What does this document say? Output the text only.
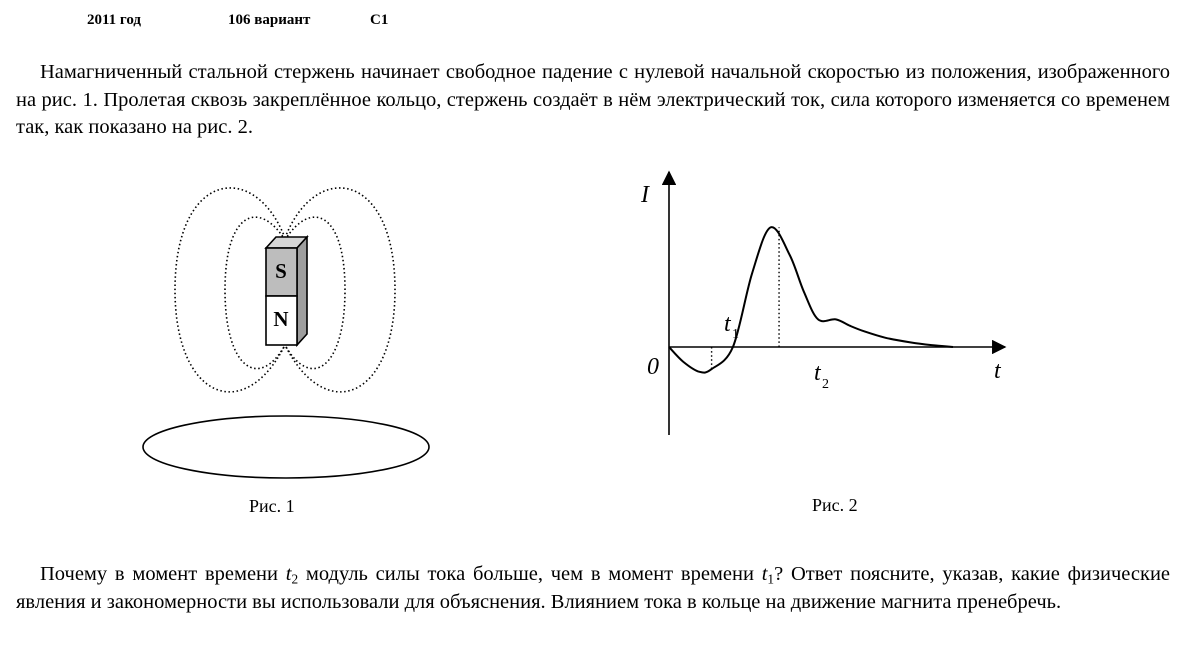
2011 год	106 вариант	C1

Намагниченный стальной стержень начинает свободное падение с нулевой начальной скоростью из положения, изображенного на рис. 1. Пролетая сквозь закреплённое кольцо, стержень создаёт в нём электрический ток, сила которого изменяется со временем так, как показано на рис. 2.

S
N
Рис. 1
I
t
0
t 1
t 2
Рис. 2

Почему в момент времени $t_2$ модуль силы тока больше, чем в момент времени $t_1$? Ответ поясните, указав, какие физические явления и закономерности вы использовали для объяснения. Влиянием тока в кольце на движение магнита пренебречь.
